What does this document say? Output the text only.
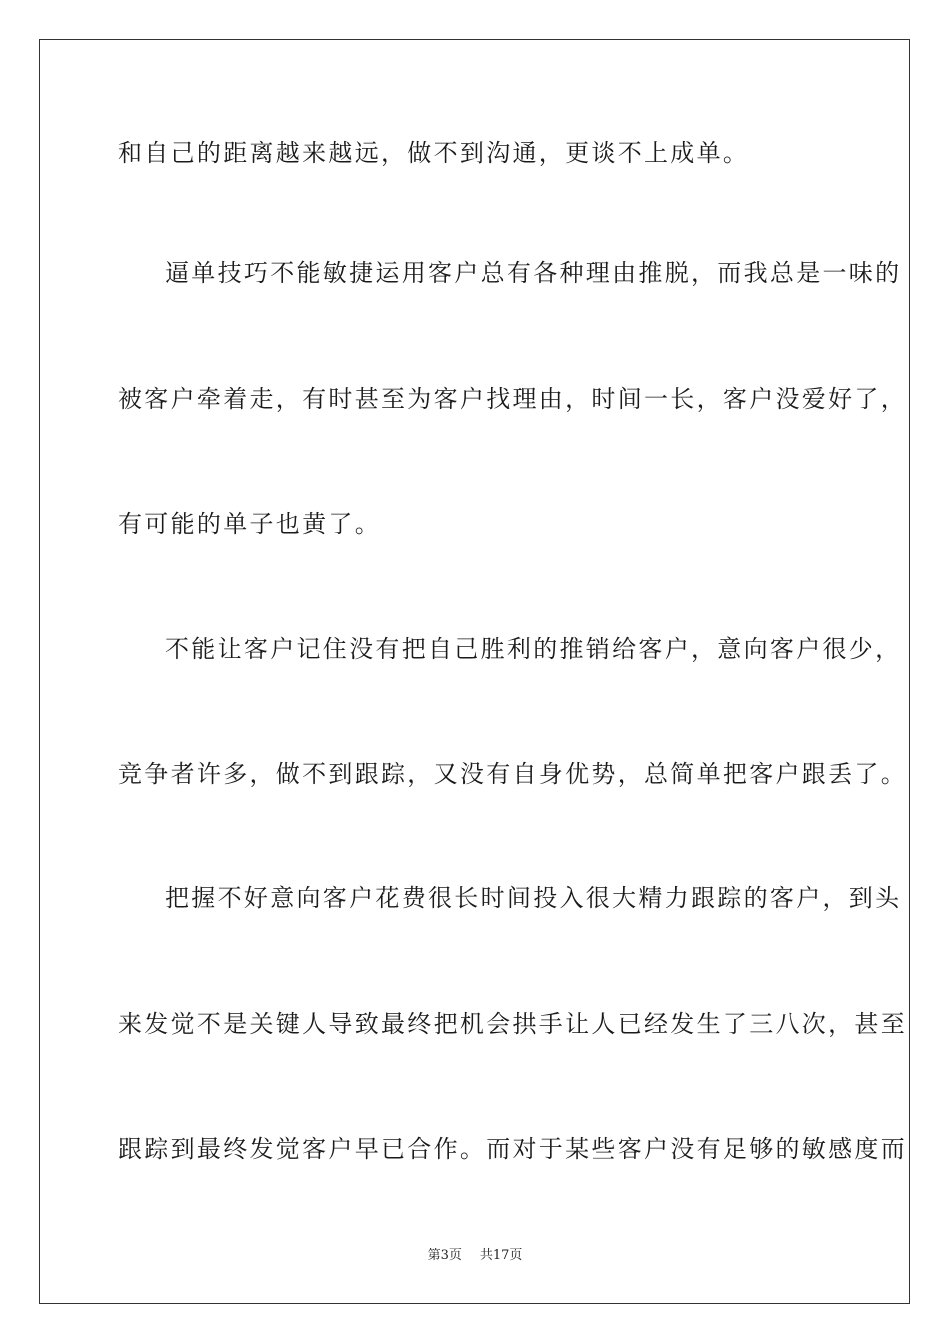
和自己的距离越来越远，做不到沟通，更谈不上成单。
逼单技巧不能敏捷运用客户总有各种理由推脱，而我总是一味的
被客户牵着走，有时甚至为客户找理由，时间一长，客户没爱好了，
有可能的单子也黄了。
不能让客户记住没有把自己胜利的推销给客户，意向客户很少，
竞争者许多，做不到跟踪，又没有自身优势，总简单把客户跟丢了。
把握不好意向客户花费很长时间投入很大精力跟踪的客户，到头
来发觉不是关键人导致最终把机会拱手让人已经发生了三八次，甚至
跟踪到最终发觉客户早已合作。而对于某些客户没有足够的敏感度而
第3页 共17页
